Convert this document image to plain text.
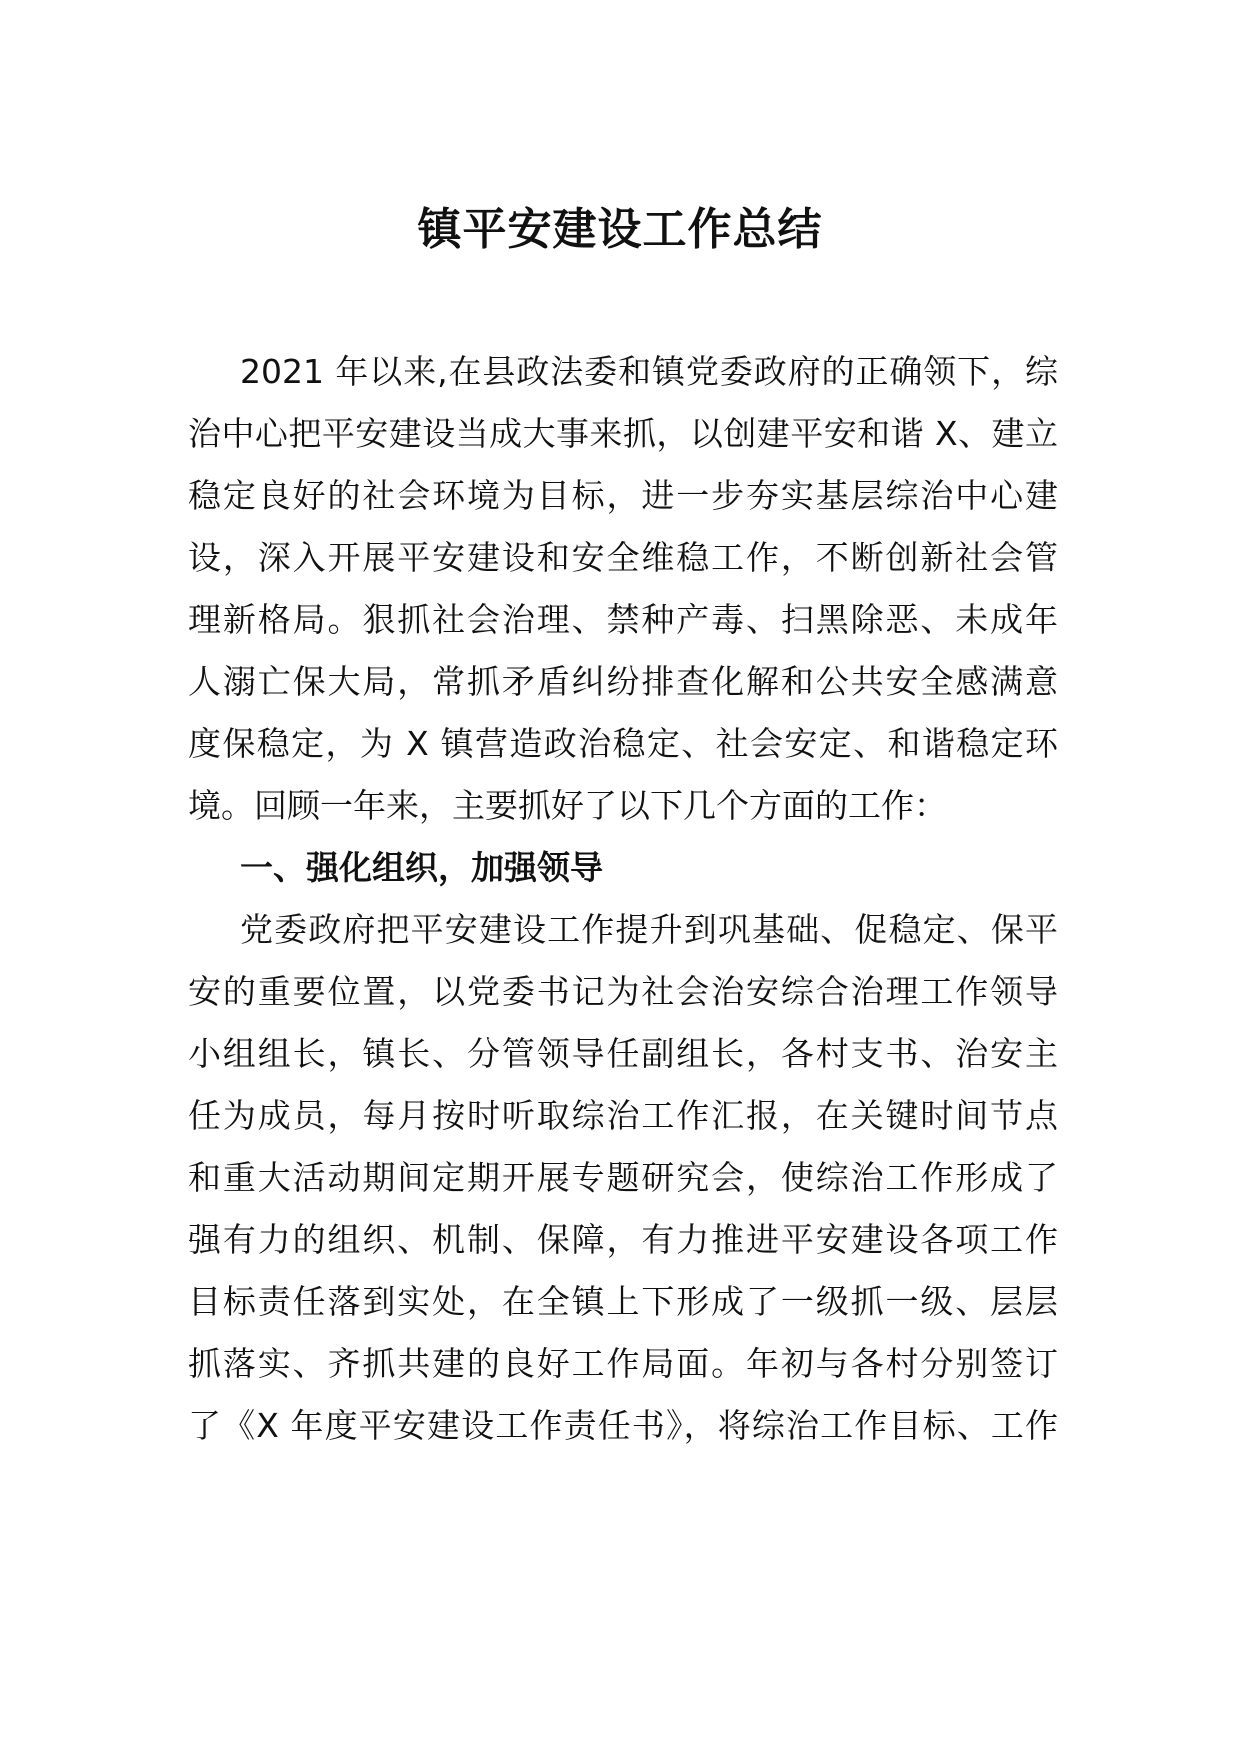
镇平安建设工作总结
2021 年以来,在县政法委和镇党委政府的正确领下，综
治中心把平安建设当成大事来抓，以创建平安和谐 X、建立
稳定良好的社会环境为目标，进一步夯实基层综治中心建
设，深入开展平安建设和安全维稳工作，不断创新社会管
理新格局。狠抓社会治理、禁种产毒、扫黑除恶、未成年
人溺亡保大局，常抓矛盾纠纷排查化解和公共安全感满意
度保稳定，为 X 镇营造政治稳定、社会安定、和谐稳定环
境。回顾一年来，主要抓好了以下几个方面的工作：
一、强化组织，加强领导
党委政府把平安建设工作提升到巩基础、促稳定、保平
安的重要位置，以党委书记为社会治安综合治理工作领导
小组组长，镇长、分管领导任副组长，各村支书、治安主
任为成员，每月按时听取综治工作汇报，在关键时间节点
和重大活动期间定期开展专题研究会，使综治工作形成了
强有力的组织、机制、保障，有力推进平安建设各项工作
目标责任落到实处，在全镇上下形成了一级抓一级、层层
抓落实、齐抓共建的良好工作局面。年初与各村分别签订
了《X 年度平安建设工作责任书》，将综治工作目标、工作
